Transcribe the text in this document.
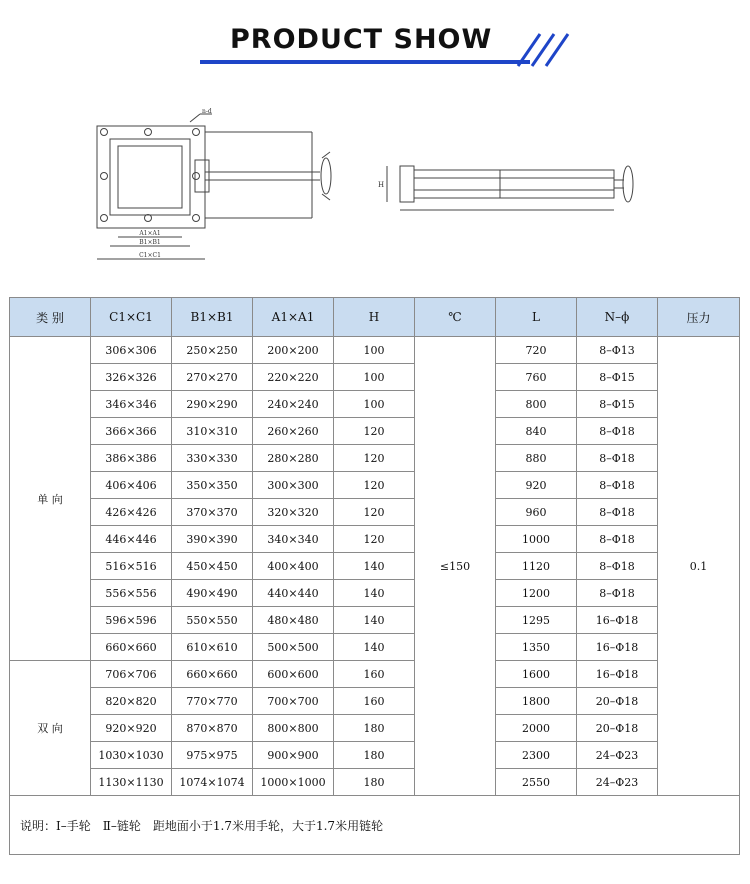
PRODUCT SHOW
n-d
A1×A1
B1×B1
C1×C1
H
类 别	C1×C1	B1×B1	A1×A1	H	℃	L	N–ϕ	压力
单 向	306×306	250×250	200×200	100	≤150	720	8–Φ13	0.1
	326×326	270×270	220×220	100		760	8–Φ15	
	346×346	290×290	240×240	100		800	8–Φ15	
	366×366	310×310	260×260	120		840	8–Φ18	
	386×386	330×330	280×280	120		880	8–Φ18	
	406×406	350×350	300×300	120		920	8–Φ18	
	426×426	370×370	320×320	120		960	8–Φ18	
	446×446	390×390	340×340	120		1000	8–Φ18	
	516×516	450×450	400×400	140		1120	8–Φ18	
	556×556	490×490	440×440	140		1200	8–Φ18	
	596×596	550×550	480×480	140		1295	16–Φ18	
	660×660	610×610	500×500	140		1350	16–Φ18	
双 向	706×706	660×660	600×600	160		1600	16–Φ18	
	820×820	770×770	700×700	160		1800	20–Φ18	
	920×920	870×870	800×800	180		2000	20–Φ18	
	1030×1030	975×975	900×900	180		2300	24–Φ23	
	1130×1130	1074×1074	1000×1000	180		2550	24–Φ23	
说明：Ⅰ–手轮　Ⅱ–链轮　距地面小于1.7米用手轮，大于1.7米用链轮								
